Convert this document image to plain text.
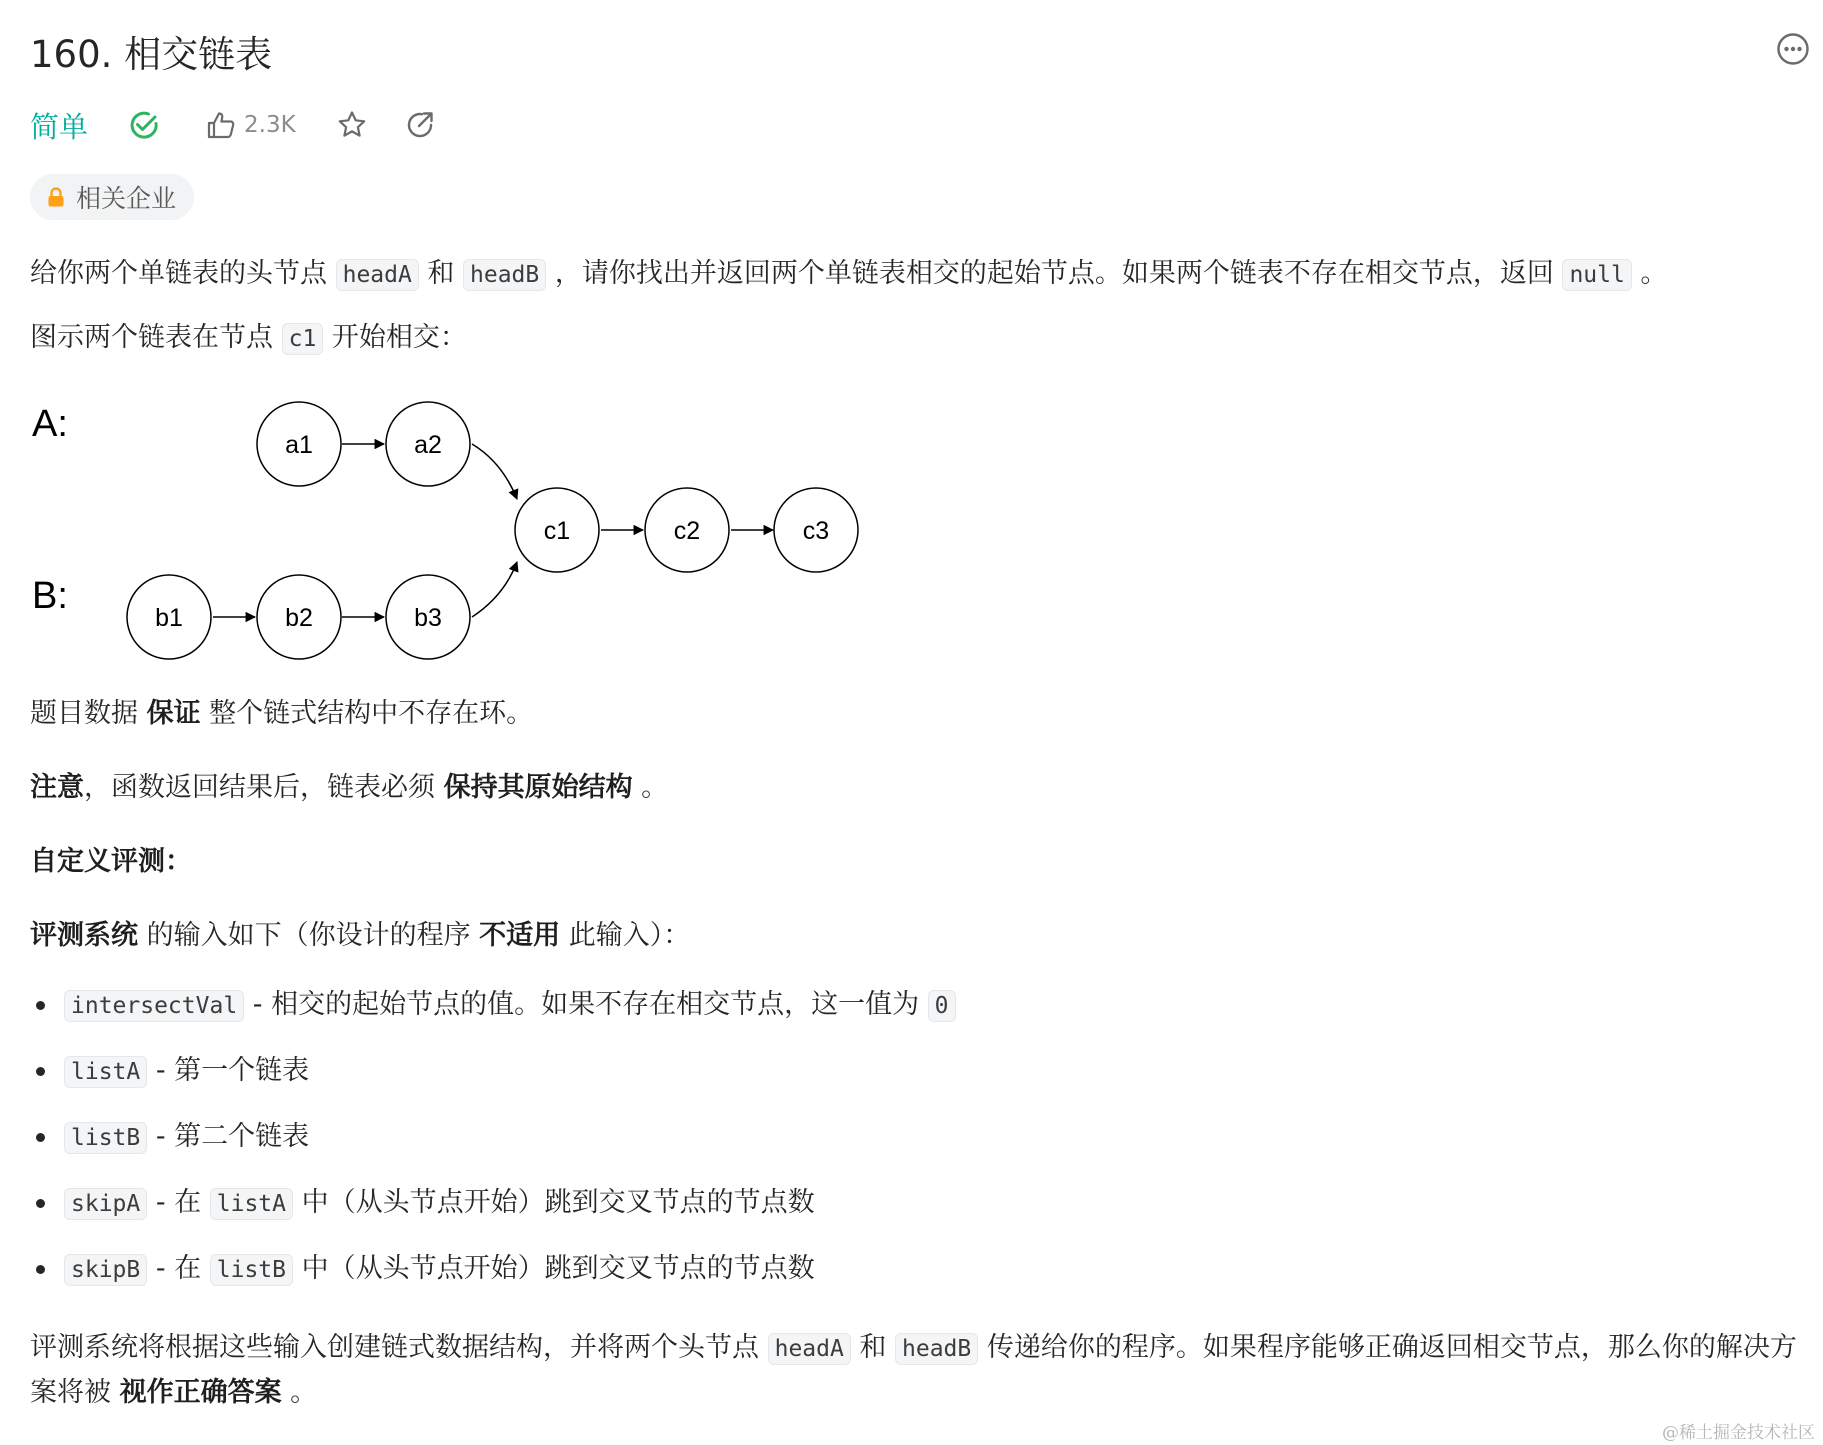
160. 相交链表
简单	2.3K
相关企业
给你两个单链表的头节点 headA 和 headB ，请你找出并返回两个单链表相交的起始节点。如果两个链表不存在相交节点，返回 null 。
图示两个链表在节点 c1 开始相交：
A:
B:
a1	a2
c1	c2	c3
b1	b2	b3
题目数据 保证 整个链式结构中不存在环。
注意，函数返回结果后，链表必须 保持其原始结构 。
自定义评测：
评测系统 的输入如下（你设计的程序 不适用 此输入）：
intersectVal - 相交的起始节点的值。如果不存在相交节点，这一值为 0
listA - 第一个链表
listB - 第二个链表
skipA - 在 listA 中（从头节点开始）跳到交叉节点的节点数
skipB - 在 listB 中（从头节点开始）跳到交叉节点的节点数
评测系统将根据这些输入创建链式数据结构，并将两个头节点 headA 和 headB 传递给你的程序。如果程序能够正确返回相交节点，那么你的解决方案将被 视作正确答案 。
@稀土掘金技术社区
